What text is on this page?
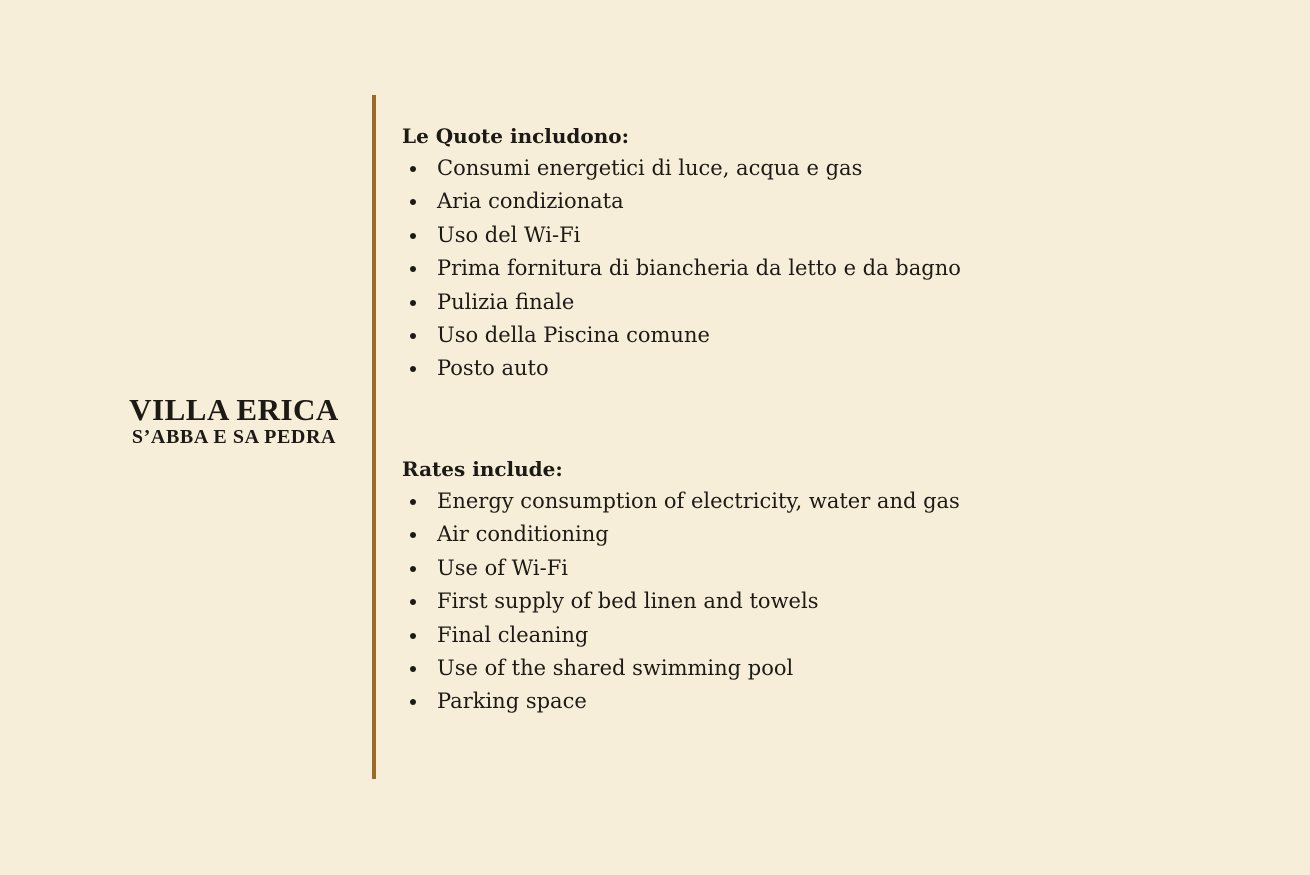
VILLA ERICA
S’ABBA E SA PEDRA
Le Quote includono:
Consumi energetici di luce, acqua e gas
Aria condizionata
Uso del Wi-Fi
Prima fornitura di biancheria da letto e da bagno
Pulizia finale
Uso della Piscina comune
Posto auto
Rates include:
Energy consumption of electricity, water and gas
Air conditioning
Use of Wi-Fi
First supply of bed linen and towels
Final cleaning
Use of the shared swimming pool
Parking space
